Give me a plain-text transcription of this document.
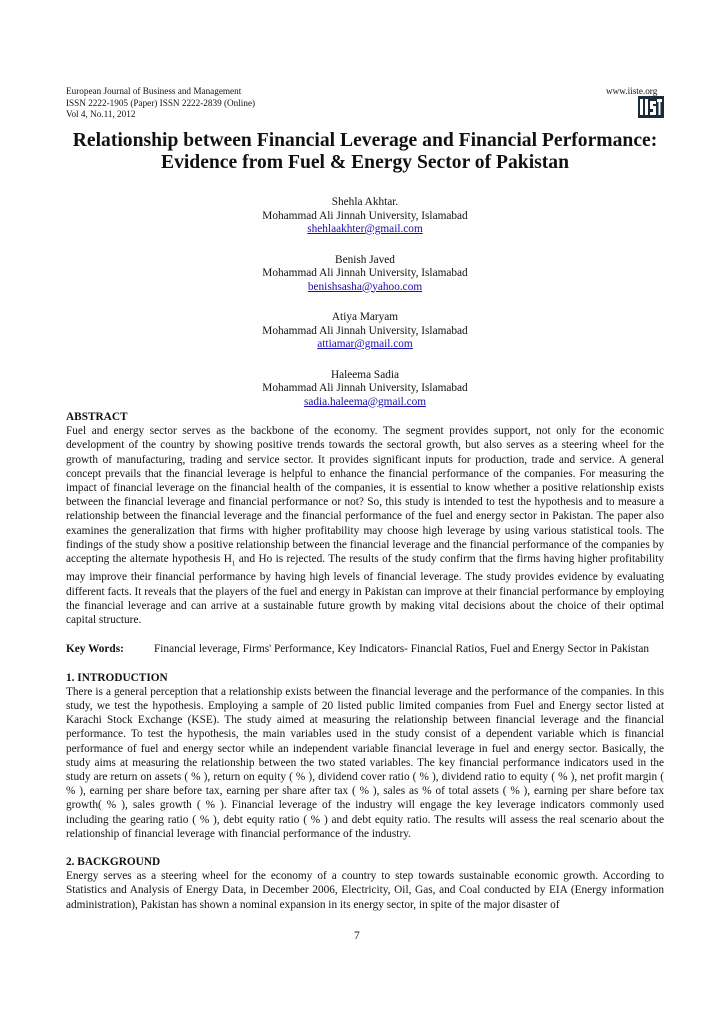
European Journal of Business and Management
ISSN 2222-1905 (Paper) ISSN 2222-2839 (Online)
Vol 4, No.11, 2012
www.iiste.org
Relationship between Financial Leverage and Financial Performance:
Evidence from Fuel & Energy Sector of Pakistan
Shehla Akhtar.
Mohammad Ali Jinnah University, Islamabad
shehlaakhter@gmail.com
Benish Javed
Mohammad Ali Jinnah University, Islamabad
benishsasha@yahoo.com
Atiya Maryam
Mohammad Ali Jinnah University, Islamabad
attiamar@gmail.com
Haleema Sadia
Mohammad Ali Jinnah University, Islamabad
sadia.haleema@gmail.com
ABSTRACT

Fuel and energy sector serves as the backbone of the economy. The segment provides support, not only for the economic development of the country by showing positive trends towards the sectoral growth, but also serves as a steering wheel for the growth of manufacturing, trading and service sector. It provides significant inputs for production, trade and service. A general concept prevails that the financial leverage is helpful to enhance the financial performance of the companies. For measuring the impact of financial leverage on the financial health of the companies, it is essential to know whether a positive relationship exists between the financial leverage and financial performance or not? So, this study is intended to test the hypothesis and to measure a relationship between the financial leverage and the financial performance of the fuel and energy sector in Pakistan. The paper also examines the generalization that firms with higher profitability may choose high leverage by using various statistical tools. The findings of the study show a positive relationship between the financial leverage and the financial performance of the companies by accepting the alternate hypothesis $H_1$ and Ho is rejected. The results of the study confirm that the firms having higher profitability may improve their financial performance by having high levels of financial leverage. The study provides evidence by evaluating different facts. It reveals that the players of the fuel and energy in Pakistan can improve at their financial performance by employing the financial leverage and can arrive at a sustainable future growth by making vital decisions about the choice of their optimal capital structure.

Key Words:	Financial leverage, Firms' Performance, Key Indicators- Financial Ratios, Fuel and Energy Sector in Pakistan
1. INTRODUCTION

There is a general perception that a relationship exists between the financial leverage and the performance of the companies. In this study, we test the hypothesis. Employing a sample of 20 listed public limited companies from Fuel and Energy sector listed at Karachi Stock Exchange (KSE). The study aimed at measuring the relationship between financial leverage and the financial performance. To test the hypothesis, the main variables used in the study consist of a dependent variable which is financial performance of fuel and energy sector while an independent variable financial leverage in fuel and energy sector. Basically, the study aims at measuring the relationship between the two stated variables. The key financial performance indicators used in the study are return on assets ( % ), return on equity ( % ), dividend cover ratio ( % ), dividend ratio to equity ( % ), net profit margin ( % ), earning per share before tax, earning per share after tax ( % ), sales as % of total assets ( % ), earning per share before tax growth( % ), sales growth ( % ). Financial leverage of the industry will engage the key leverage indicators commonly used including the gearing ratio ( % ), debt equity ratio ( % ) and debt equity ratio. The results will assess the real scenario about the relationship of financial leverage with financial performance of the industry.

2. BACKGROUND

Energy serves as a steering wheel for the economy of a country to step towards sustainable economic growth. According to Statistics and Analysis of Energy Data, in December 2006, Electricity, Oil, Gas, and Coal conducted by EIA (Energy information administration), Pakistan has shown a nominal expansion in its energy sector, in spite of the major disaster of

7
